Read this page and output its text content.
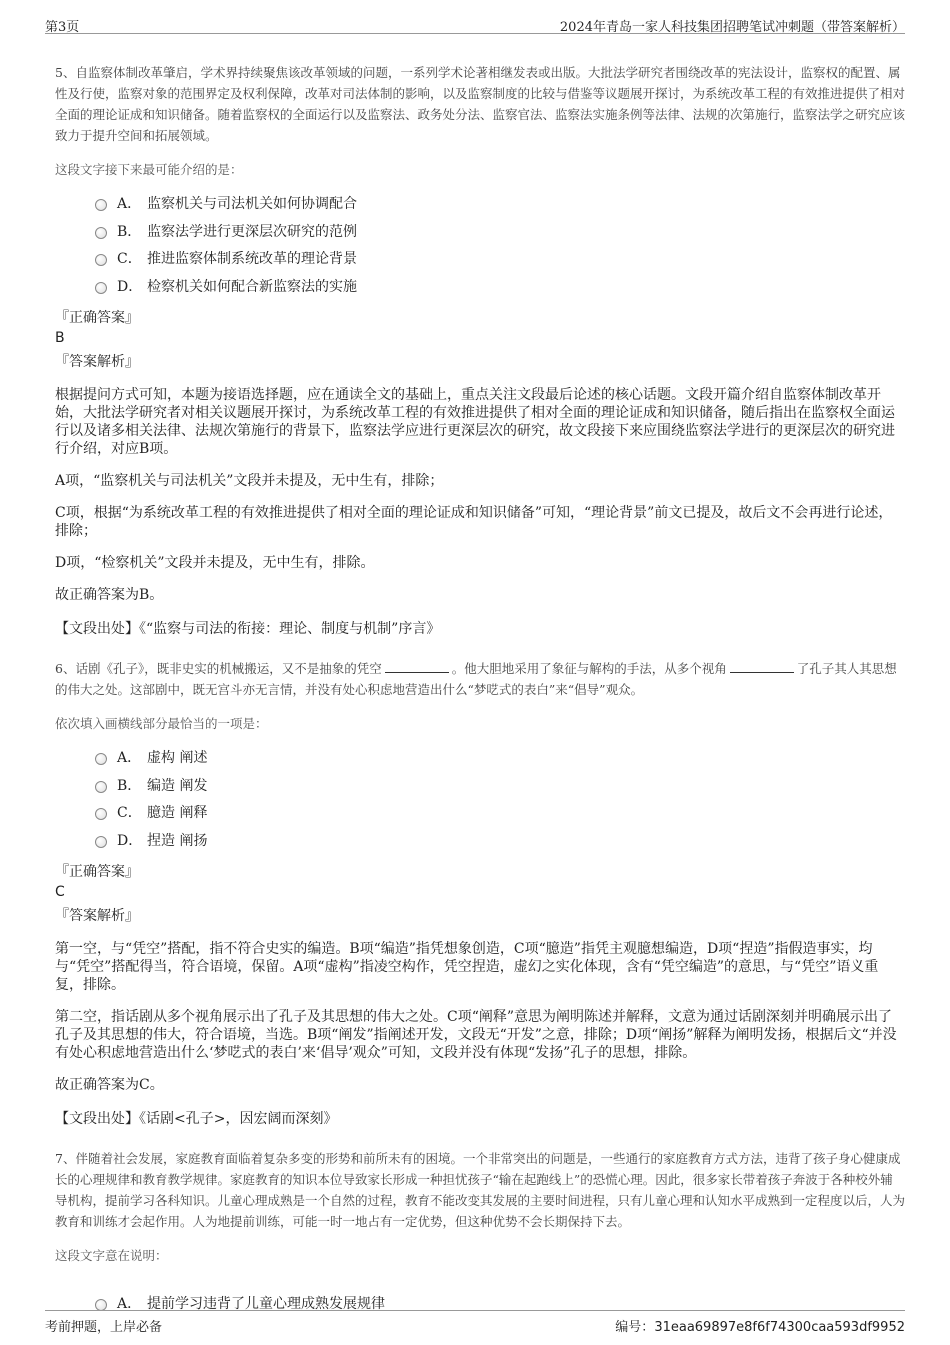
第3页	2024年青岛一家人科技集团招聘笔试冲刺题（带答案解析）

5、自监察体制改革肇启，学术界持续聚焦该改革领域的问题，一系列学术论著相继发表或出版。大批法学研究者围绕改革的宪法设计，监察权的配置、属性及行使，监察对象的范围界定及权利保障，改革对司法体制的影响，以及监察制度的比较与借鉴等议题展开探讨，为系统改革工程的有效推进提供了相对全面的理论证成和知识储备。随着监察权的全面运行以及监察法、政务处分法、监察官法、监察法实施条例等法律、法规的次第施行，监察法学之研究应该致力于提升空间和拓展领域。

这段文字接下来最可能介绍的是：

A． 监察机关与司法机关如何协调配合
B． 监察法学进行更深层次研究的范例
C． 推进监察体制系统改革的理论背景
D． 检察机关如何配合新监察法的实施
『正确答案』
B
『答案解析』

根据提问方式可知，本题为接语选择题，应在通读全文的基础上，重点关注文段最后论述的核心话题。文段开篇介绍自监察体制改革开始，大批法学研究者对相关议题展开探讨，为系统改革工程的有效推进提供了相对全面的理论证成和知识储备，随后指出在监察权全面运行以及诸多相关法律、法规次第施行的背景下，监察法学应进行更深层次的研究，故文段接下来应围绕监察法学进行的更深层次的研究进行介绍，对应B项。

A项，“监察机关与司法机关”文段并未提及，无中生有，排除；

C项，根据“为系统改革工程的有效推进提供了相对全面的理论证成和知识储备”可知，“理论背景”前文已提及，故后文不会再进行论述，排除；

D项，“检察机关”文段并未提及，无中生有，排除。

故正确答案为B。

【文段出处】《“监察与司法的衔接：理论、制度与机制”序言》

6、话剧《孔子》，既非史实的机械搬运，又不是抽象的凭空	。他大胆地采用了象征与解构的手法，从多个视角	了孔子其人其思想的伟大之处。这部剧中，既无宫斗亦无言情，并没有处心积虑地营造出什么“梦呓式的表白”来“倡导”观众。

依次填入画横线部分最恰当的一项是：

A． 虚构 阐述
B． 编造 阐发
C． 臆造 阐释
D． 捏造 阐扬
『正确答案』
C
『答案解析』

第一空，与“凭空”搭配，指不符合史实的编造。B项“编造”指凭想象创造，C项“臆造”指凭主观臆想编造，D项“捏造”指假造事实，均与“凭空”搭配得当，符合语境，保留。A项“虚构”指凌空构作，凭空捏造，虚幻之实化体现，含有“凭空编造”的意思，与“凭空”语义重复，排除。

第二空，指话剧从多个视角展示出了孔子及其思想的伟大之处。C项“阐释”意思为阐明陈述并解释，文意为通过话剧深刻并明确展示出了孔子及其思想的伟大，符合语境，当选。B项“阐发”指阐述开发，文段无“开发”之意，排除；D项“阐扬”解释为阐明发扬，根据后文“并没有处心积虑地营造出什么‘梦呓式的表白’来‘倡导’观众”可知，文段并没有体现“发扬”孔子的思想，排除。

故正确答案为C。

【文段出处】《话剧<孔子>，因宏阔而深刻》

7、伴随着社会发展，家庭教育面临着复杂多变的形势和前所未有的困境。一个非常突出的问题是，一些通行的家庭教育方式方法，违背了孩子身心健康成长的心理规律和教育教学规律。家庭教育的知识本位导致家长形成一种担忧孩子“输在起跑线上”的恐慌心理。因此，很多家长带着孩子奔波于各种校外辅导机构，提前学习各科知识。儿童心理成熟是一个自然的过程，教育不能改变其发展的主要时间进程，只有儿童心理和认知水平成熟到一定程度以后，人为教育和训练才会起作用。人为地提前训练，可能一时一地占有一定优势，但这种优势不会长期保持下去。

这段文字意在说明：

A． 提前学习违背了儿童心理成熟发展规律
考前押题，上岸必备	编号：31eaa69897e8f6f74300caa593df9952
